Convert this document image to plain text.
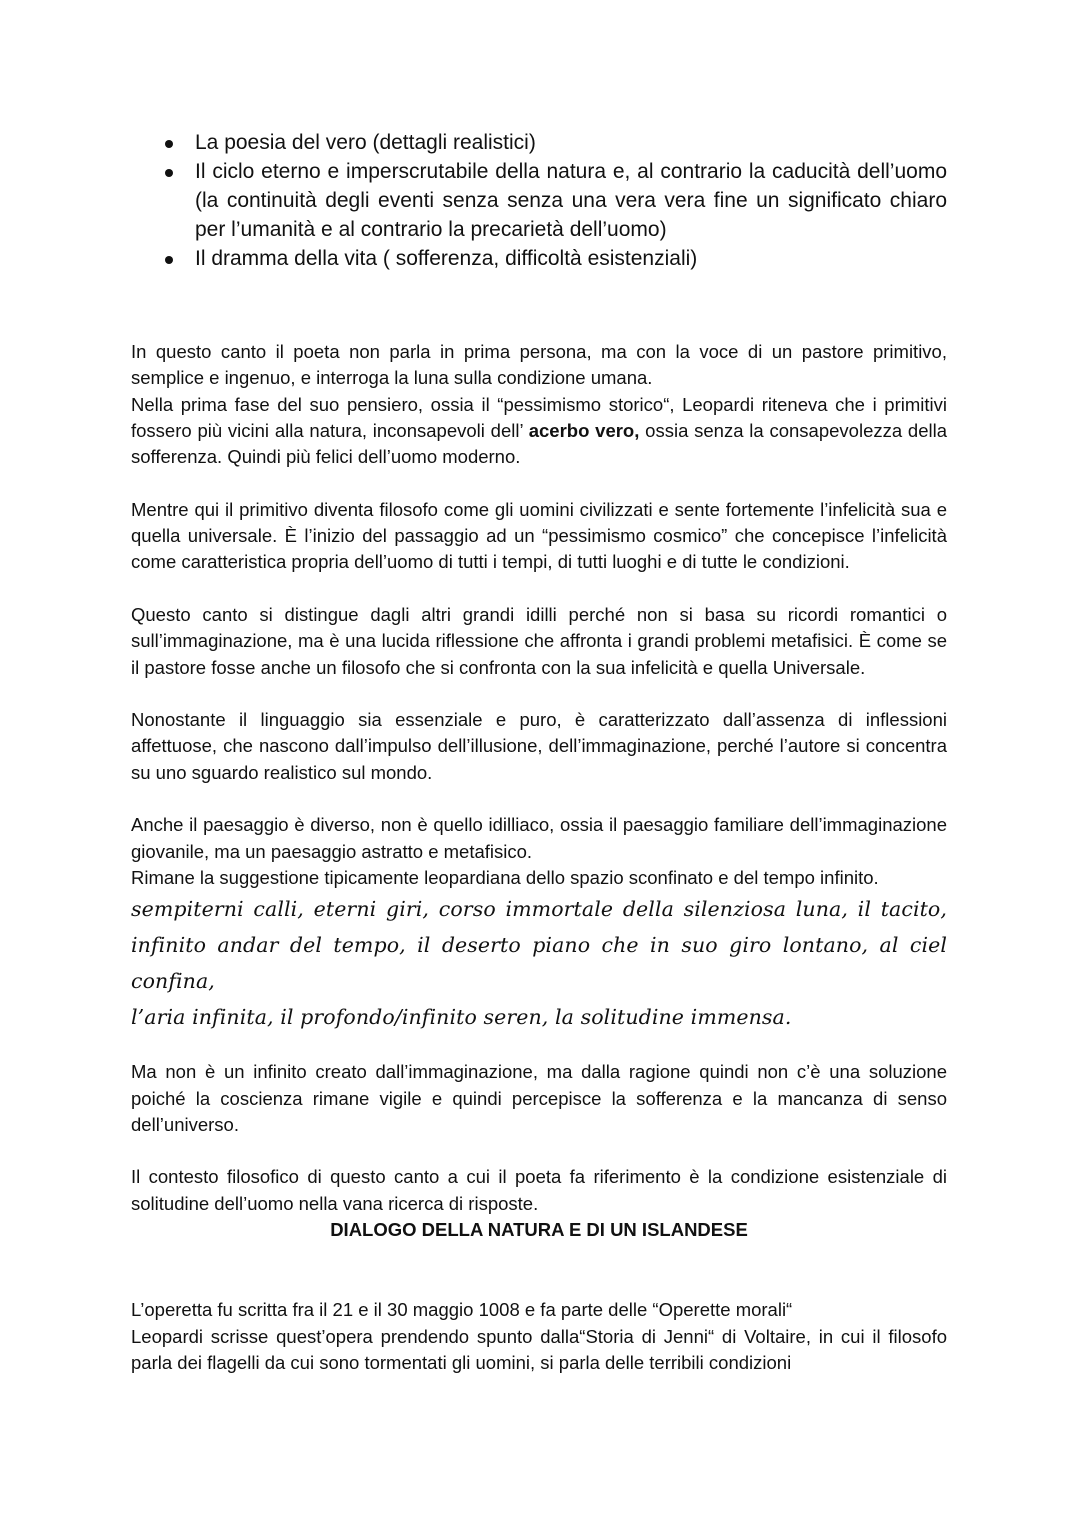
La poesia del vero (dettagli realistici)
Il ciclo eterno e imperscrutabile della natura e, al contrario la caducità dell’uomo (la continuità degli eventi senza senza una vera vera fine un significato chiaro per l’umanità e al contrario la precarietà dell’uomo)
Il dramma della vita ( sofferenza, difficoltà esistenziali)

In questo canto il poeta non parla in prima persona, ma con la voce di un pastore primitivo, semplice e ingenuo, e interroga la luna sulla condizione umana.

Nella prima fase del suo pensiero, ossia il “pessimismo storico“, Leopardi riteneva che i primitivi fossero più vicini alla natura, inconsapevoli dell’ acerbo vero, ossia senza la consapevolezza della sofferenza. Quindi più felici dell’uomo moderno.

Mentre qui il primitivo diventa filosofo come gli uomini civilizzati e sente fortemente l’infelicità sua e quella universale. È l’inizio del passaggio ad un “pessimismo cosmico” che concepisce l’infelicità come caratteristica propria dell’uomo di tutti i tempi, di tutti luoghi e di tutte le condizioni.

Questo canto si distingue dagli altri grandi idilli perché non si basa su ricordi romantici o sull’immaginazione, ma è una lucida riflessione che affronta i grandi problemi metafisici. È come se il pastore fosse anche un filosofo che si confronta con la sua infelicità e quella Universale.

Nonostante il linguaggio sia essenziale e puro, è caratterizzato dall’assenza di inflessioni affettuose, che nascono dall’impulso dell’illusione, dell’immaginazione, perché l’autore si concentra su uno sguardo realistico sul mondo.

Anche il paesaggio è diverso, non è quello idilliaco, ossia il paesaggio familiare dell’immaginazione giovanile, ma un paesaggio astratto e metafisico.

Rimane la suggestione tipicamente leopardiana dello spazio sconfinato e del tempo infinito.

sempiterni calli, eterni giri, corso immortale della silenziosa luna, il tacito,

infinito andar del tempo, il deserto piano che in suo giro lontano, al ciel confina,

l’aria infinita, il profondo/infinito seren, la solitudine immensa.

Ma non è un infinito creato dall’immaginazione, ma dalla ragione quindi non c’è una soluzione poiché la coscienza rimane vigile e quindi percepisce la sofferenza e la mancanza di senso dell’universo.

Il contesto filosofico di questo canto a cui il poeta fa riferimento è la condizione esistenziale di solitudine dell’uomo nella vana ricerca di risposte.

DIALOGO DELLA NATURA E DI UN ISLANDESE

L’operetta fu scritta fra il 21 e il 30 maggio 1008 e fa parte delle “Operette morali“

Leopardi scrisse quest’opera prendendo spunto dalla“Storia di Jenni“ di Voltaire, in cui il filosofo parla dei flagelli da cui sono tormentati gli uomini, si parla delle terribili condizioni
